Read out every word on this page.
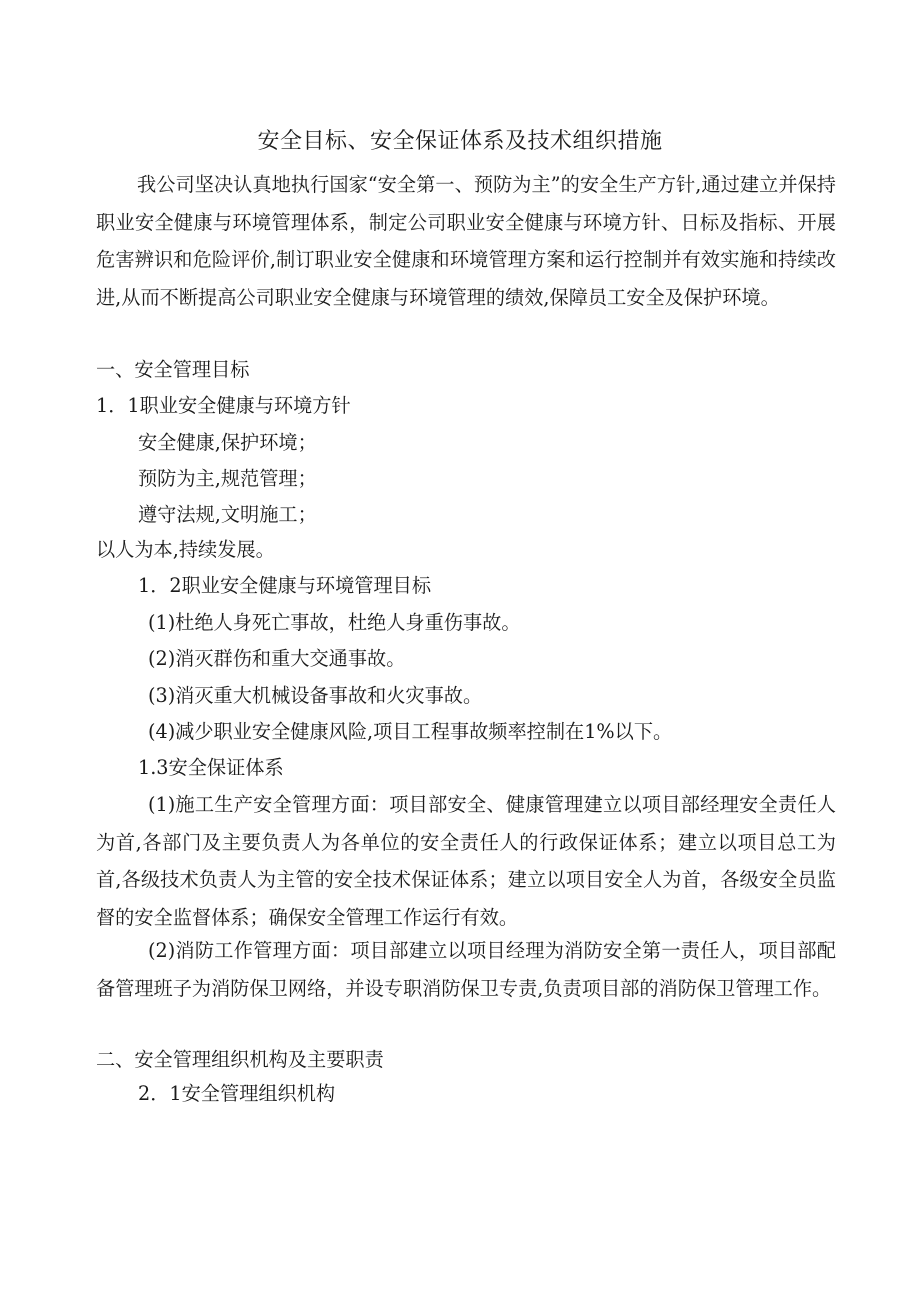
安全目标、安全保证体系及技术组织措施

我公司坚决认真地执行国家“安全第一、预防为主”的安全生产方针,通过建立并保持职业安全健康与环境管理体系，制定公司职业安全健康与环境方针、日标及指标、开展危害辨识和危险评价,制订职业安全健康和环境管理方案和运行控制并有效实施和持续改进,从而不断提高公司职业安全健康与环境管理的绩效,保障员工安全及保护环境。

一、安全管理目标
1．1职业安全健康与环境方针
安全健康,保护环境；
预防为主,规范管理；
遵守法规,文明施工；
以人为本,持续发展。
1．2职业安全健康与环境管理目标
(1)杜绝人身死亡事故，杜绝人身重伤事故。
(2)消灭群伤和重大交通事故。
(3)消灭重大机械设备事故和火灾事故。
(4)减少职业安全健康风险,项目工程事故频率控制在1%以下。
1.3安全保证体系

(1)施工生产安全管理方面：项目部安全、健康管理建立以项目部经理安全责任人为首,各部门及主要负责人为各单位的安全责任人的行政保证体系；建立以项目总工为首,各级技术负责人为主管的安全技术保证体系；建立以项目安全人为首，各级安全员监督的安全监督体系；确保安全管理工作运行有效。

(2)消防工作管理方面：项目部建立以项目经理为消防安全第一责任人，项目部配备管理班子为消防保卫网络，并设专职消防保卫专责,负责项目部的消防保卫管理工作。

二、安全管理组织机构及主要职责
2．1安全管理组织机构
